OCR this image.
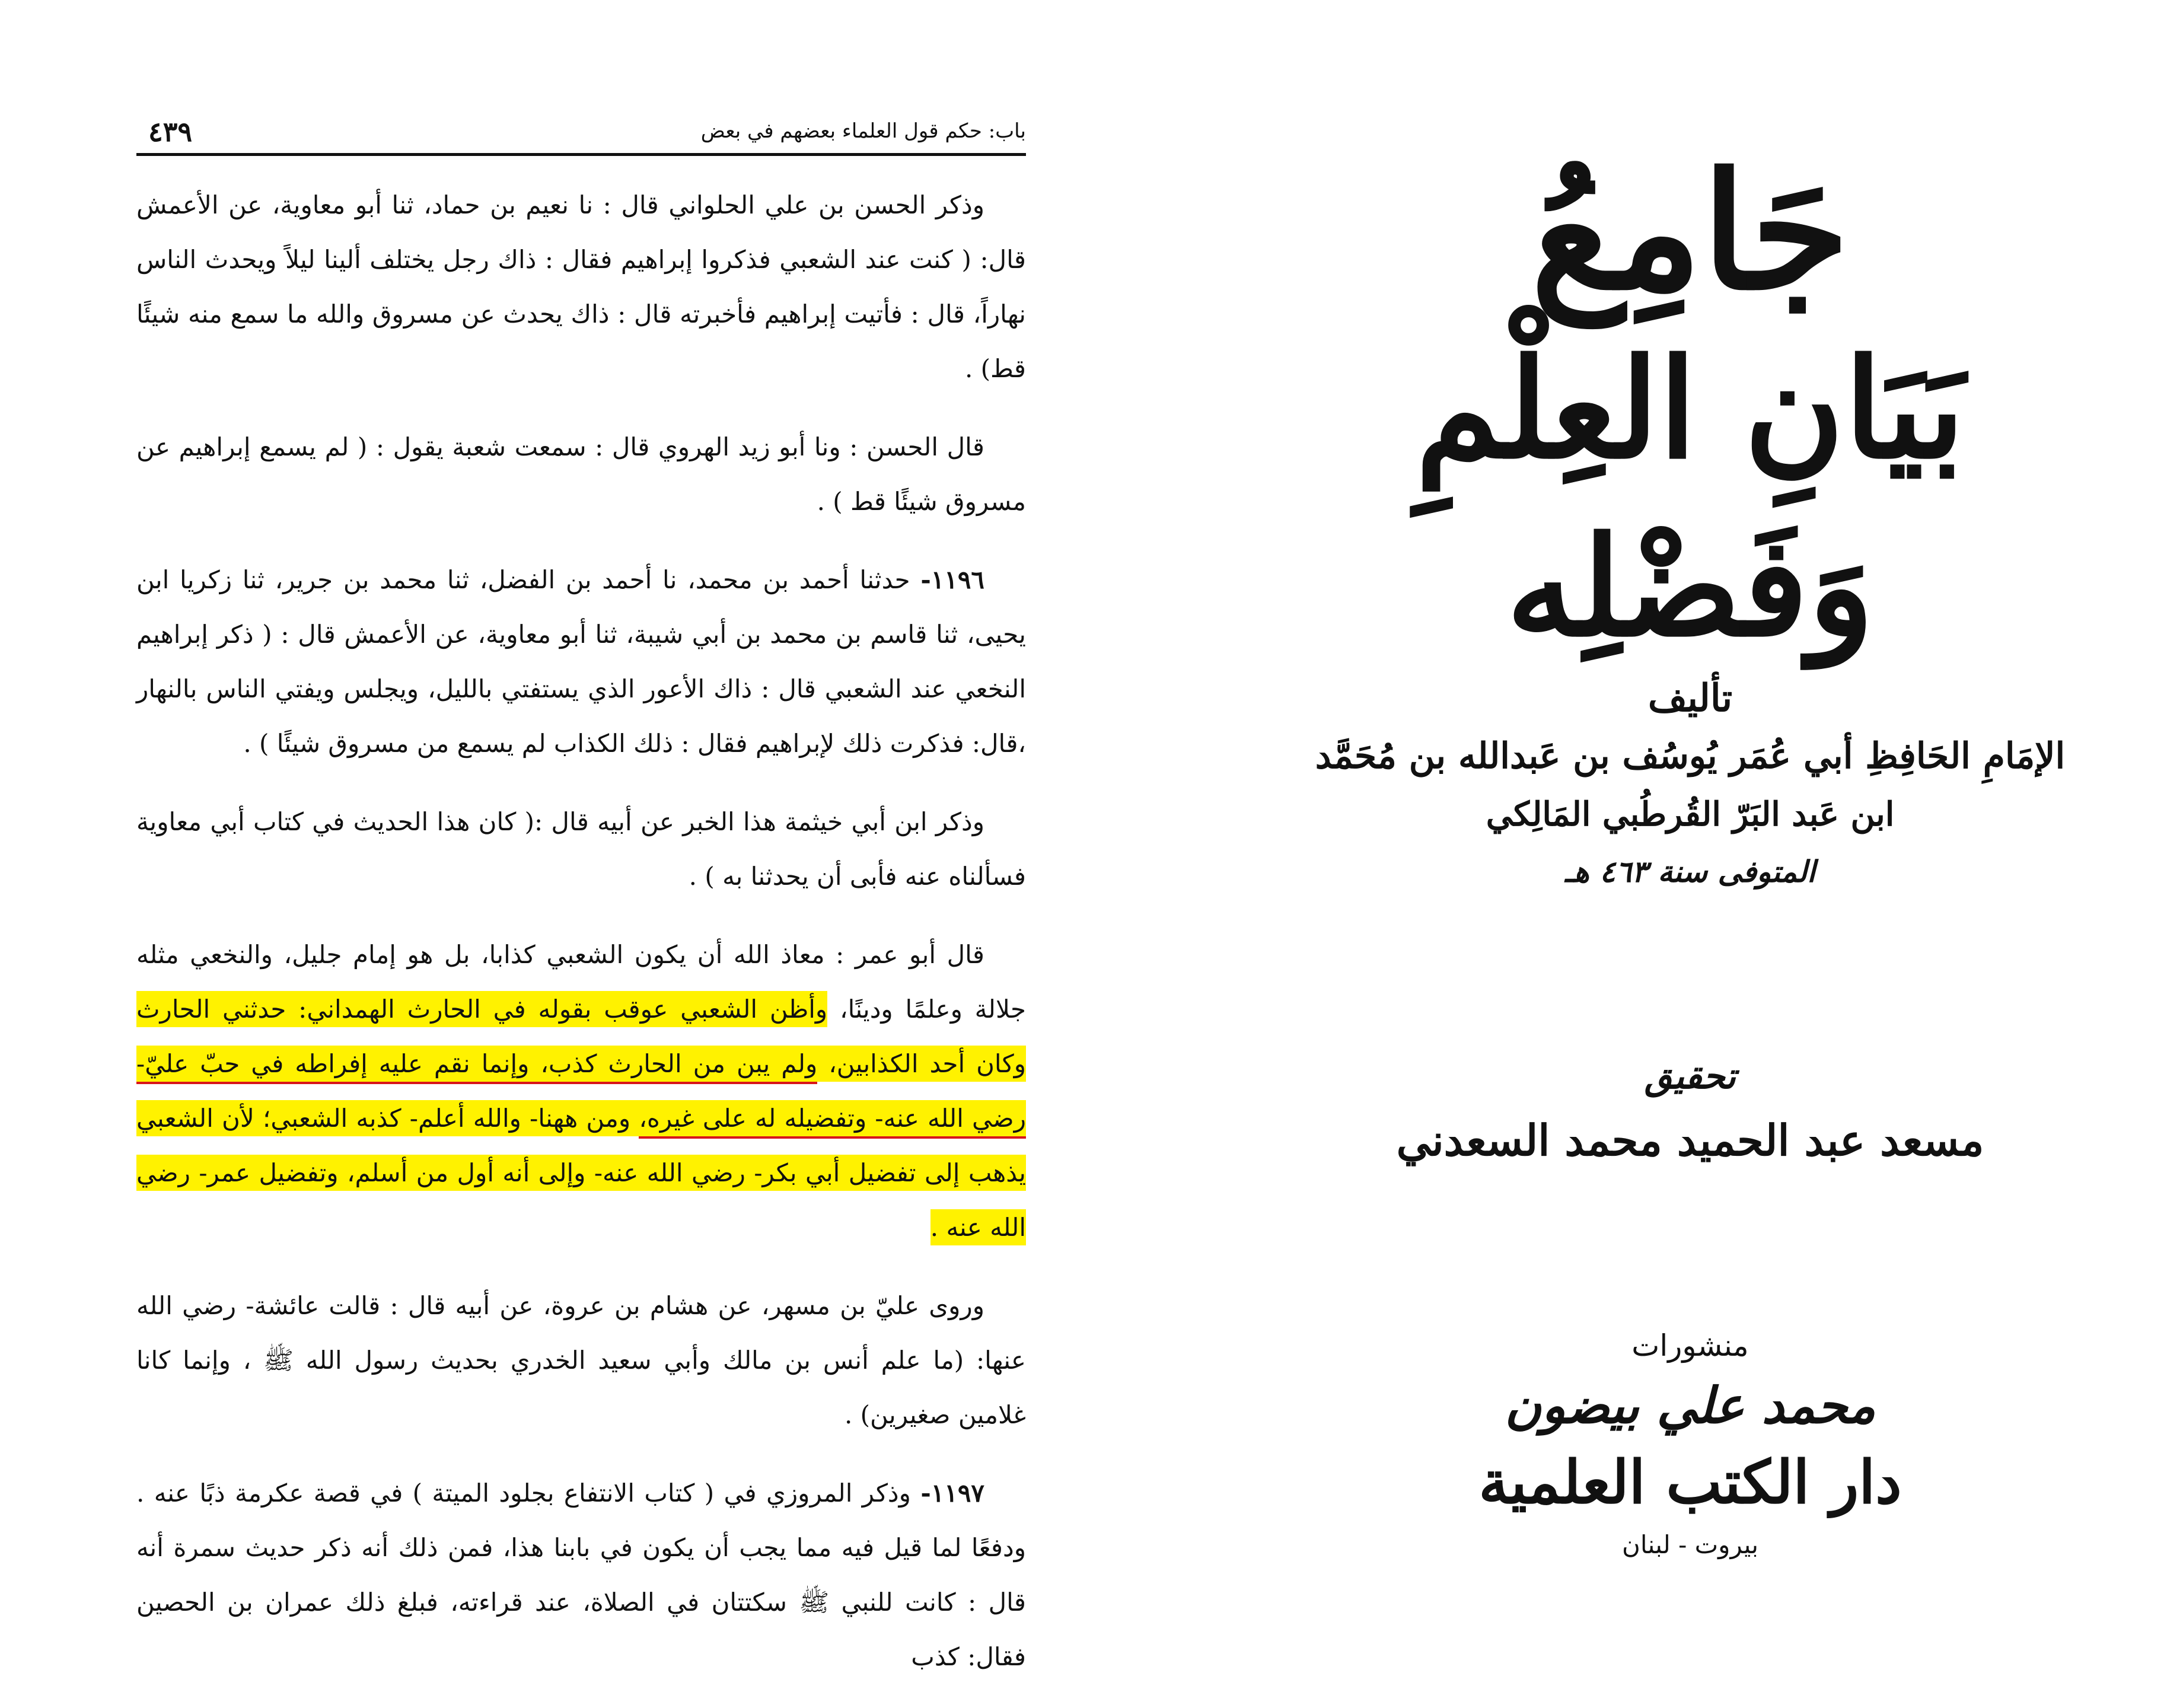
٤٣٩	باب: حكم قول العلماء بعضهم في بعض

وذكر الحسن بن علي الحلواني قال : نا نعيم بن حماد، ثنا أبو معاوية، عن الأعمش قال: ( كنت عند الشعبي فذكروا إبراهيم فقال : ذاك رجل يختلف ألينا ليلاً ويحدث الناس نهاراً، قال : فأتيت إبراهيم فأخبرته قال : ذاك يحدث عن مسروق والله ما سمع منه شيئًا قط) .

قال الحسن : ونا أبو زيد الهروي قال : سمعت شعبة يقول : ( لم يسمع إبراهيم عن مسروق شيئًا قط ) .

١١٩٦- حدثنا أحمد بن محمد، نا أحمد بن الفضل، ثنا محمد بن جرير، ثنا زكريا ابن يحيى، ثنا قاسم بن محمد بن أبي شيبة، ثنا أبو معاوية، عن الأعمش قال : ( ذكر إبراهيم النخعي عند الشعبي قال : ذاك الأعور الذي يستفتي بالليل، ويجلس ويفتي الناس بالنهار ،قال: فذكرت ذلك لإبراهيم فقال : ذلك الكذاب لم يسمع من مسروق شيئًا ) .

وذكر ابن أبي خيثمة هذا الخبر عن أبيه قال :( كان هذا الحديث في كتاب أبي معاوية فسألناه عنه فأبى أن يحدثنا به ) .

قال أبو عمر : معاذ الله أن يكون الشعبي كذابا، بل هو إمام جليل، والنخعي مثله جلالة وعلمًا ودينًا، وأظن الشعبي عوقب بقوله في الحارث الهمداني: حدثني الحارث وكان أحد الكذابين، ولم يبن من الحارث كذب، وإنما نقم عليه إفراطه في حبّ عليّ- رضي الله عنه- وتفضيله له على غيره، ومن ههنا- والله أعلم- كذبه الشعبي؛ لأن الشعبي يذهب إلى تفضيل أبي بكر- رضي الله عنه- وإلى أنه أول من أسلم، وتفضيل عمر- رضي الله عنه .

وروى عليّ بن مسهر، عن هشام بن عروة، عن أبيه قال : قالت عائشة- رضي الله عنها: (ما علم أنس بن مالك وأبي سعيد الخدري بحديث رسول الله ﷺ ، وإنما كانا غلامين صغيرين) .

١١٩٧- وذكر المروزي في ( كتاب الانتفاع بجلود الميتة ) في قصة عكرمة ذبًا عنه . ودفعًا لما قيل فيه مما يجب أن يكون في بابنا هذا، فمن ذلك أنه ذكر حديث سمرة أنه قال : كانت للنبي ﷺ سكتتان في الصلاة، عند قراءته، فبلغ ذلك عمران بن الحصين فقال: كذب

جَامِعُ
بَيَانِ العِلْمِ وَفَضْلِه
تأليف
الإمَامِ الحَافِظِ أبي عُمَر يُوسُف بن عَبدالله بن مُحَمَّد
ابن عَبد البَرّ القُرطُبي المَالِكي
المتوفى سنة ٤٦٣ هـ
تحقيق
مسعد عبد الحميد محمد السعدني
منشورات
محمد علي بيضون
دار الكتب العلمية
بيروت - لبنان
